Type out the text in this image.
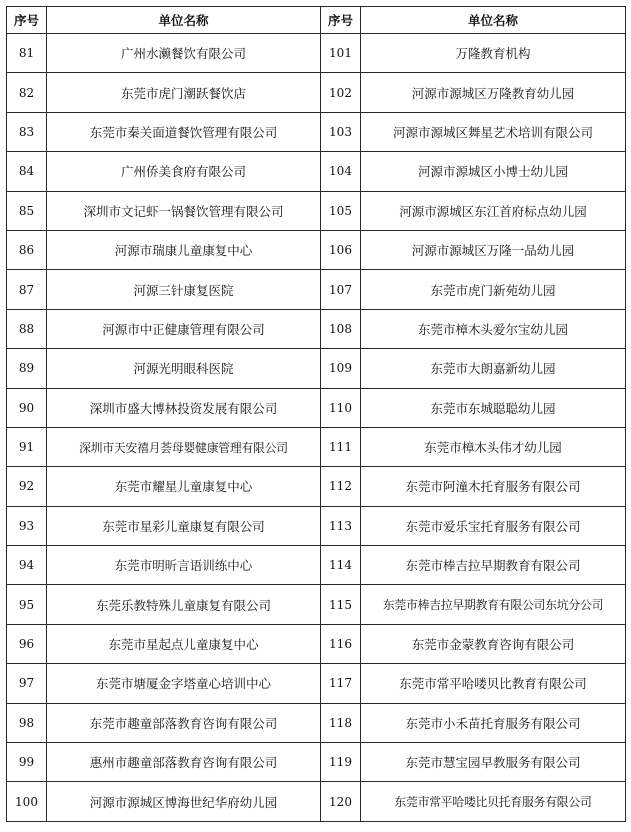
序号	单位名称	序号	单位名称
81	广州水濑餐饮有限公司	101	万隆教育机构
82	东莞市虎门潮跃餐饮店	102	河源市源城区万隆教育幼儿园
83	东莞市秦关面道餐饮管理有限公司	103	河源市源城区舞星艺术培训有限公司
84	广州侨美食府有限公司	104	河源市源城区小博士幼儿园
85	深圳市文记虾一锅餐饮管理有限公司	105	河源市源城区东江首府标点幼儿园
86	河源市瑞康儿童康复中心	106	河源市源城区万隆一品幼儿园
87	河源三针康复医院	107	东莞市虎门新苑幼儿园
88	河源市中正健康管理有限公司	108	东莞市樟木头爱尔宝幼儿园
89	河源光明眼科医院	109	东莞市大朗嘉新幼儿园
90	深圳市盛大博林投资发展有限公司	110	东莞市东城聪聪幼儿园
91	深圳市天安禧月荟母婴健康管理有限公司	111	东莞市樟木头伟才幼儿园
92	东莞市耀星儿童康复中心	112	东莞市阿潼木托育服务有限公司
93	东莞市星彩儿童康复有限公司	113	东莞市爱乐宝托育服务有限公司
94	东莞市明昕言语训练中心	114	东莞市棒吉拉早期教育有限公司
95	东莞乐教特殊儿童康复有限公司	115	东莞市棒吉拉早期教育有限公司东坑分公司
96	东莞市星起点儿童康复中心	116	东莞市金蒙教育咨询有限公司
97	东莞市塘厦金字塔童心培训中心	117	东莞市常平哈喽贝比教育有限公司
98	东莞市趣童部落教育咨询有限公司	118	东莞市小禾苗托育服务有限公司
99	惠州市趣童部落教育咨询有限公司	119	东莞市慧宝园早教服务有限公司
100	河源市源城区博海世纪华府幼儿园	120	东莞市常平哈喽比贝托育服务有限公司
